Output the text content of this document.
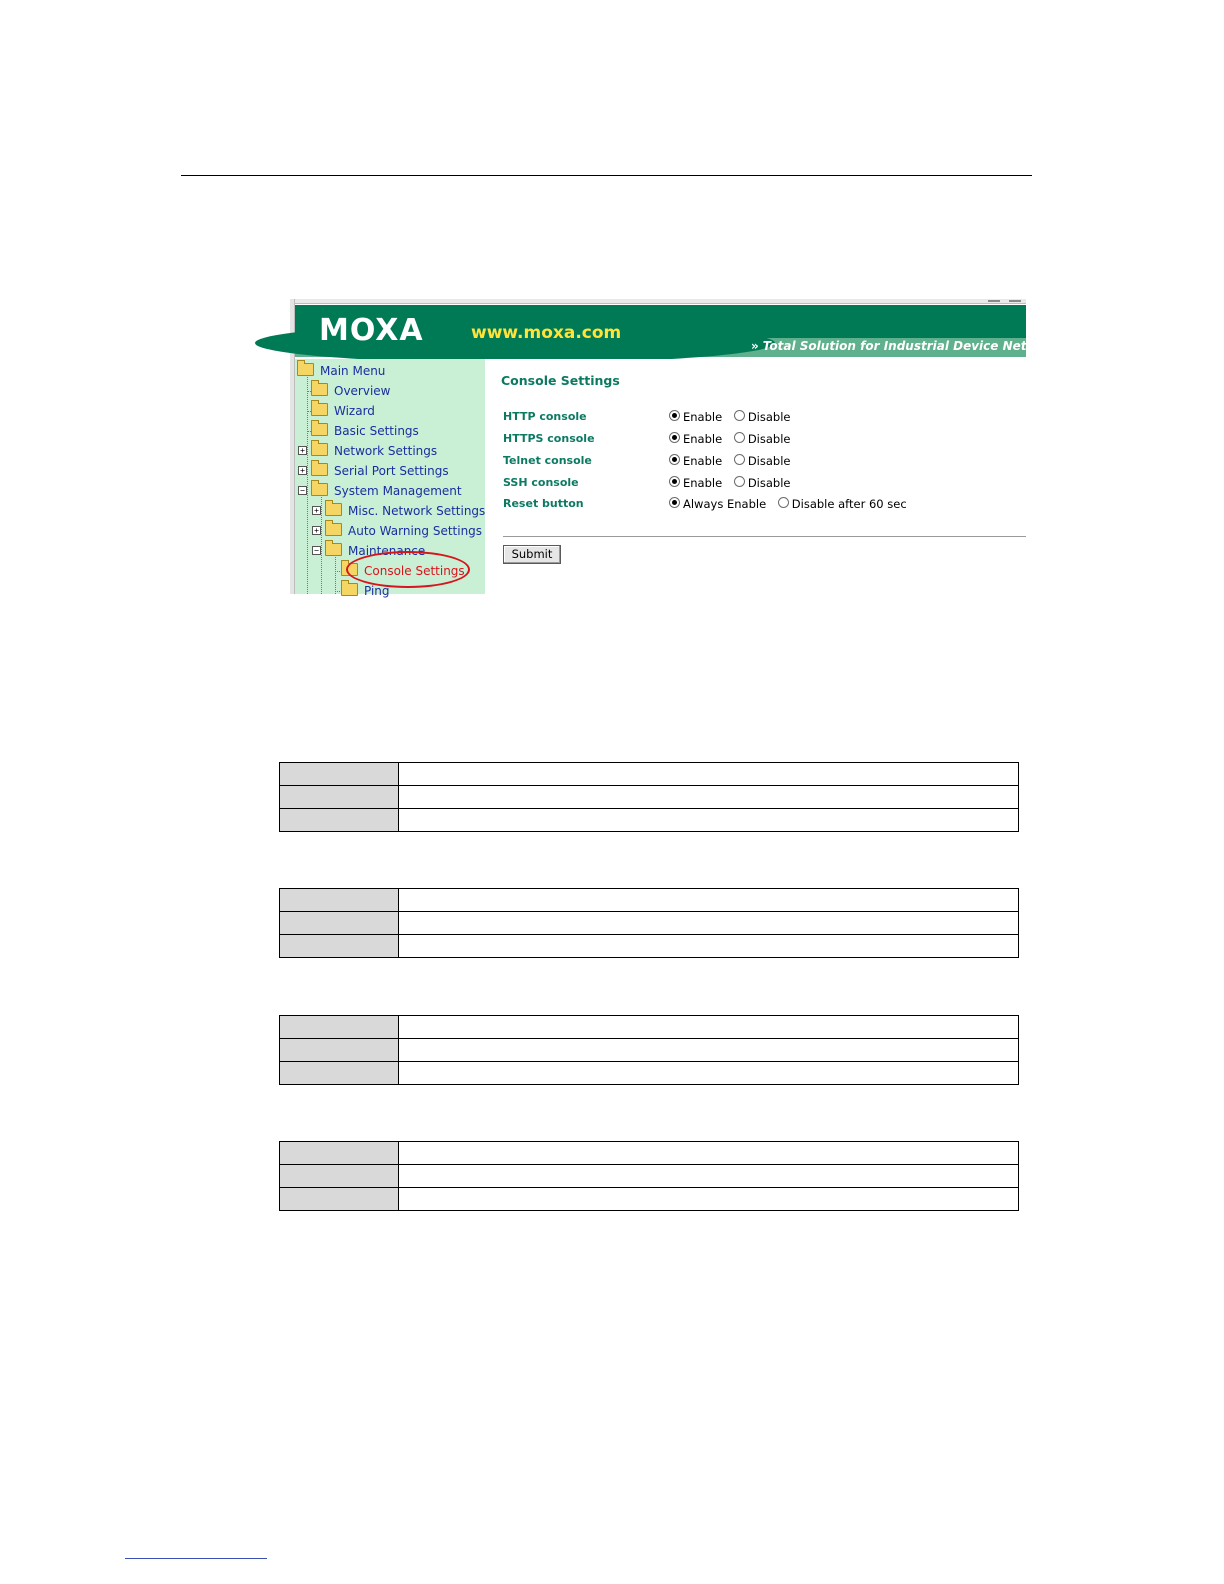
MOXA	www.moxa.com
» Total Solution for Industrial Device Networking
Main Menu
Overview
Wizard
Basic Settings
+	Network Settings
+	Serial Port Settings
−	System Management
+	Misc. Network Settings
+	Auto Warning Settings
−	Maintenance
Console Settings
Ping
Console Settings
HTTP console	Enable Disable
HTTPS console	Enable Disable
Telnet console	Enable Disable
SSH console	Enable Disable
Reset button	Always Enable Disable after 60 sec
Submit
